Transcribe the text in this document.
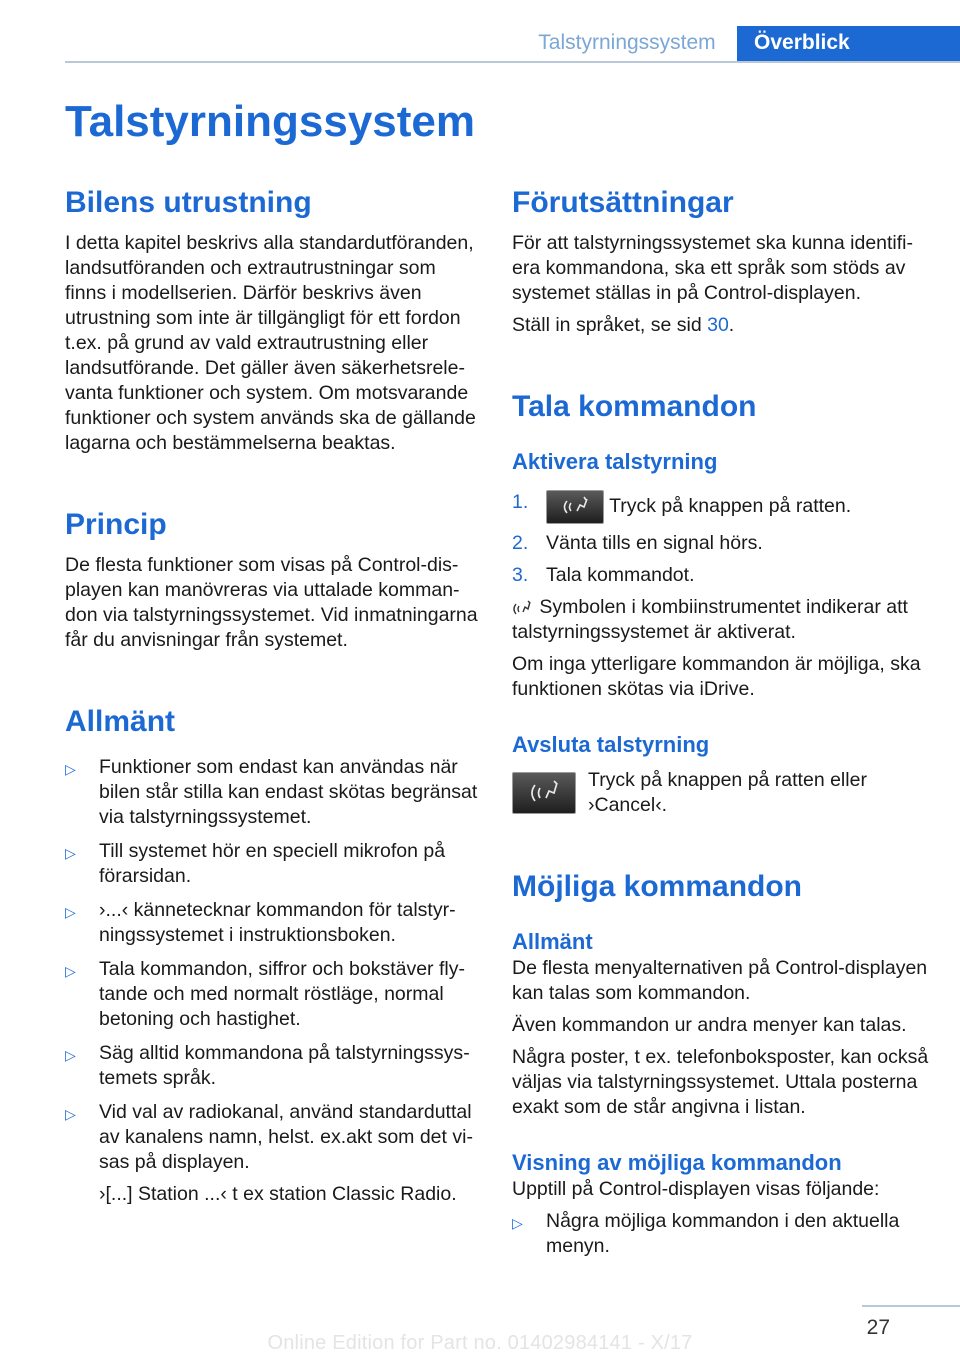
Talstyrningssystem	Överblick
Talstyrningssystem
Bilens utrustning

I detta kapitel beskrivs alla standardutföranden, landsutföranden och extrautrustningar som finns i modellserien. Därför beskrivs även utrustning som inte är tillgängligt för ett fordon t.ex. på grund av vald extrautrustning eller landsutförande. Det gäller även säkerhetsrelevanta funktioner och system. Om motsvarande funktioner och system används ska de gällande lagarna och bestämmelserna beaktas.

Princip

De flesta funktioner som visas på Control-displayen kan manövreras via uttalade kommandon via talstyrningssystemet. Vid inmatningarna får du anvisningar från systemet.

Allmänt
▷ Funktioner som endast kan användas när bilen står stilla kan endast skötas begränsat via talstyrningssystemet.
▷ Till systemet hör en speciell mikrofon på förarsidan.
▷ ›...‹ kännetecknar kommandon för talstyrningssystemet i instruktionsboken.
▷ Tala kommandon, siffror och bokstäver flytande och med normalt röstläge, normal betoning och hastighet.
▷ Säg alltid kommandona på talstyrningssystemets språk.
▷ Vid val av radiokanal, använd standarduttal av kanalens namn, helst. ex.akt som det visas på displayen.

›[...] Station ...‹ t ex station Classic Radio.

Förutsättningar

För att talstyrningssystemet ska kunna identifiera kommandona, ska ett språk som stöds av systemet ställas in på Control-displayen.

Ställ in språket, se sid 30.

Tala kommandon
Aktivera talstyrning
1.	Tryck på knappen på ratten.
2. Vänta tills en signal hörs.
3. Tala kommandot.

Symbolen i kombiinstrumentet indikerar att talstyrningssystemet är aktiverat.

Om inga ytterligare kommandon är möjliga, ska funktionen skötas via iDrive.

Avsluta talstyrning

Tryck på knappen på ratten eller ›Cancel‹.

Möjliga kommandon
Allmänt

De flesta menyalternativen på Control-displayen kan talas som kommandon.

Även kommandon ur andra menyer kan talas.

Några poster, t ex. telefonboksposter, kan också väljas via talstyrningssystemet. Uttala posterna exakt som de står angivna i listan.

Visning av möjliga kommandon

Upptill på Control-displayen visas följande:

▷ Några möjliga kommandon i den aktuella menyn.
27
Online Edition for Part no. 01402984141 - X/17
